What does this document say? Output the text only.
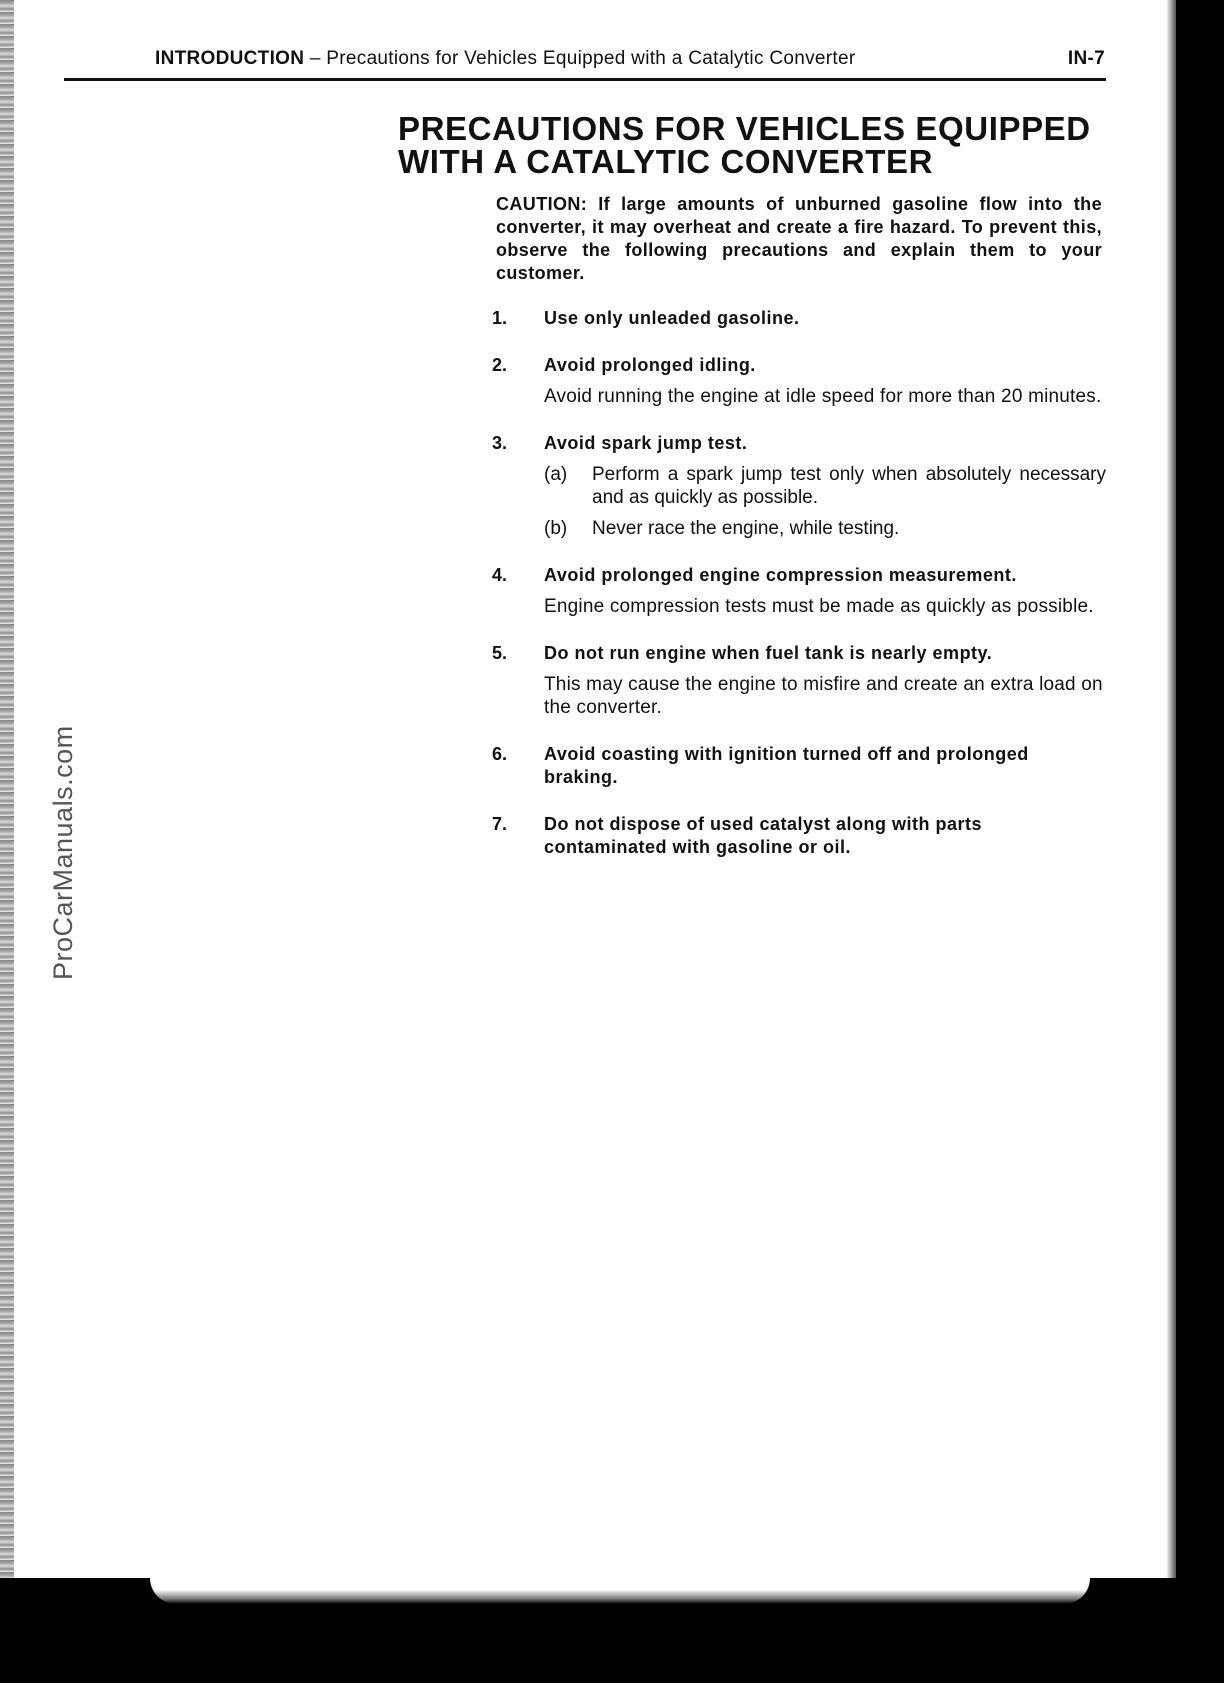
INTRODUCTION – Precautions for Vehicles Equipped with a Catalytic Converter	IN-7
PRECAUTIONS FOR VEHICLES EQUIPPED
WITH A CATALYTIC CONVERTER
CAUTION: If large amounts of unburned gasoline flow into the converter, it may overheat and create a fire hazard. To prevent this, observe the following precautions and explain them to your customer.
1. Use only unleaded gasoline.
2. Avoid prolonged idling.
Avoid running the engine at idle speed for more than 20 minutes.
3. Avoid spark jump test.
(a) Perform a spark jump test only when absolutely necessary and as quickly as possible.
(b) Never race the engine, while testing.
4. Avoid prolonged engine compression measurement.
Engine compression tests must be made as quickly as possible.
5. Do not run engine when fuel tank is nearly empty.
This may cause the engine to misfire and create an extra load on the converter.
6. Avoid coasting with ignition turned off and prolonged braking.
7. Do not dispose of used catalyst along with parts contaminated with gasoline or oil.
ProCarManuals.com
